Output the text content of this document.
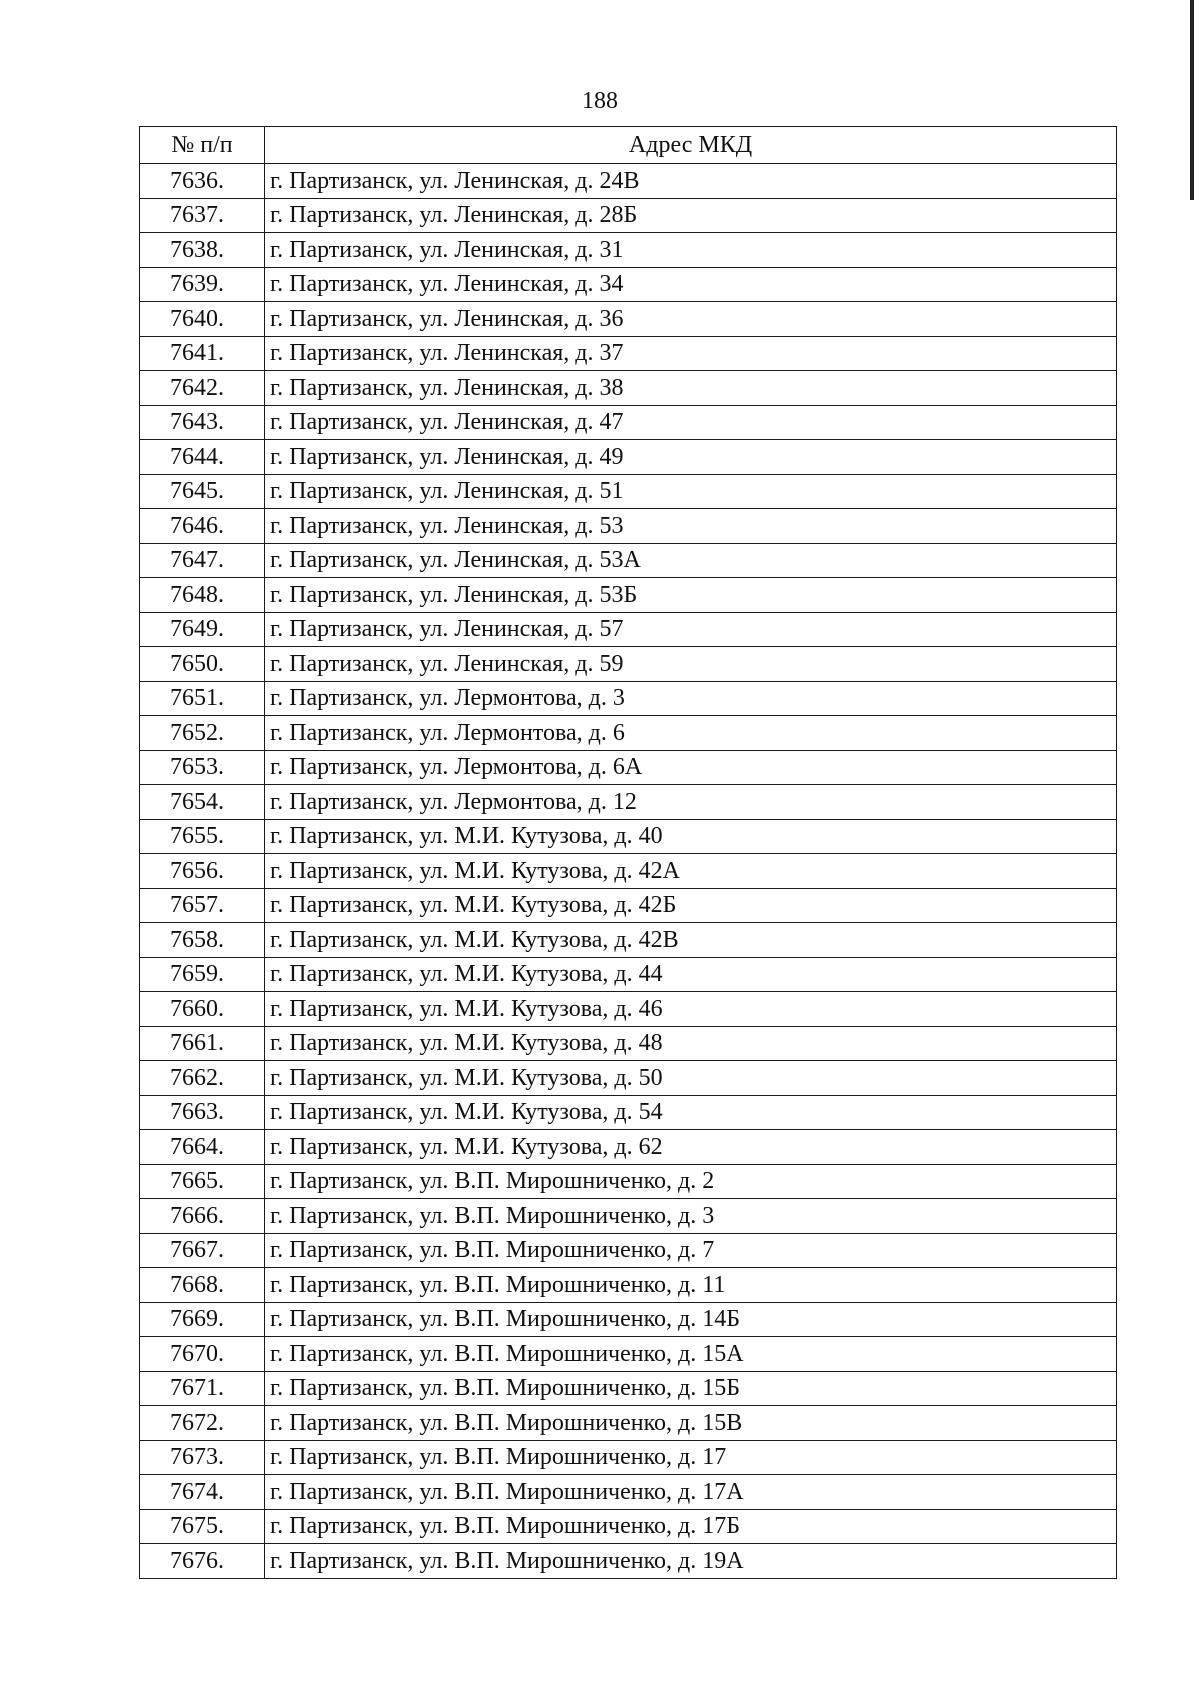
188
№ п/п	Адрес МКД
7636.	г. Партизанск, ул. Ленинская, д. 24В
7637.	г. Партизанск, ул. Ленинская, д. 28Б
7638.	г. Партизанск, ул. Ленинская, д. 31
7639.	г. Партизанск, ул. Ленинская, д. 34
7640.	г. Партизанск, ул. Ленинская, д. 36
7641.	г. Партизанск, ул. Ленинская, д. 37
7642.	г. Партизанск, ул. Ленинская, д. 38
7643.	г. Партизанск, ул. Ленинская, д. 47
7644.	г. Партизанск, ул. Ленинская, д. 49
7645.	г. Партизанск, ул. Ленинская, д. 51
7646.	г. Партизанск, ул. Ленинская, д. 53
7647.	г. Партизанск, ул. Ленинская, д. 53А
7648.	г. Партизанск, ул. Ленинская, д. 53Б
7649.	г. Партизанск, ул. Ленинская, д. 57
7650.	г. Партизанск, ул. Ленинская, д. 59
7651.	г. Партизанск, ул. Лермонтова, д. 3
7652.	г. Партизанск, ул. Лермонтова, д. 6
7653.	г. Партизанск, ул. Лермонтова, д. 6А
7654.	г. Партизанск, ул. Лермонтова, д. 12
7655.	г. Партизанск, ул. М.И. Кутузова, д. 40
7656.	г. Партизанск, ул. М.И. Кутузова, д. 42А
7657.	г. Партизанск, ул. М.И. Кутузова, д. 42Б
7658.	г. Партизанск, ул. М.И. Кутузова, д. 42В
7659.	г. Партизанск, ул. М.И. Кутузова, д. 44
7660.	г. Партизанск, ул. М.И. Кутузова, д. 46
7661.	г. Партизанск, ул. М.И. Кутузова, д. 48
7662.	г. Партизанск, ул. М.И. Кутузова, д. 50
7663.	г. Партизанск, ул. М.И. Кутузова, д. 54
7664.	г. Партизанск, ул. М.И. Кутузова, д. 62
7665.	г. Партизанск, ул. В.П. Мирошниченко, д. 2
7666.	г. Партизанск, ул. В.П. Мирошниченко, д. 3
7667.	г. Партизанск, ул. В.П. Мирошниченко, д. 7
7668.	г. Партизанск, ул. В.П. Мирошниченко, д. 11
7669.	г. Партизанск, ул. В.П. Мирошниченко, д. 14Б
7670.	г. Партизанск, ул. В.П. Мирошниченко, д. 15А
7671.	г. Партизанск, ул. В.П. Мирошниченко, д. 15Б
7672.	г. Партизанск, ул. В.П. Мирошниченко, д. 15В
7673.	г. Партизанск, ул. В.П. Мирошниченко, д. 17
7674.	г. Партизанск, ул. В.П. Мирошниченко, д. 17А
7675.	г. Партизанск, ул. В.П. Мирошниченко, д. 17Б
7676.	г. Партизанск, ул. В.П. Мирошниченко, д. 19А
